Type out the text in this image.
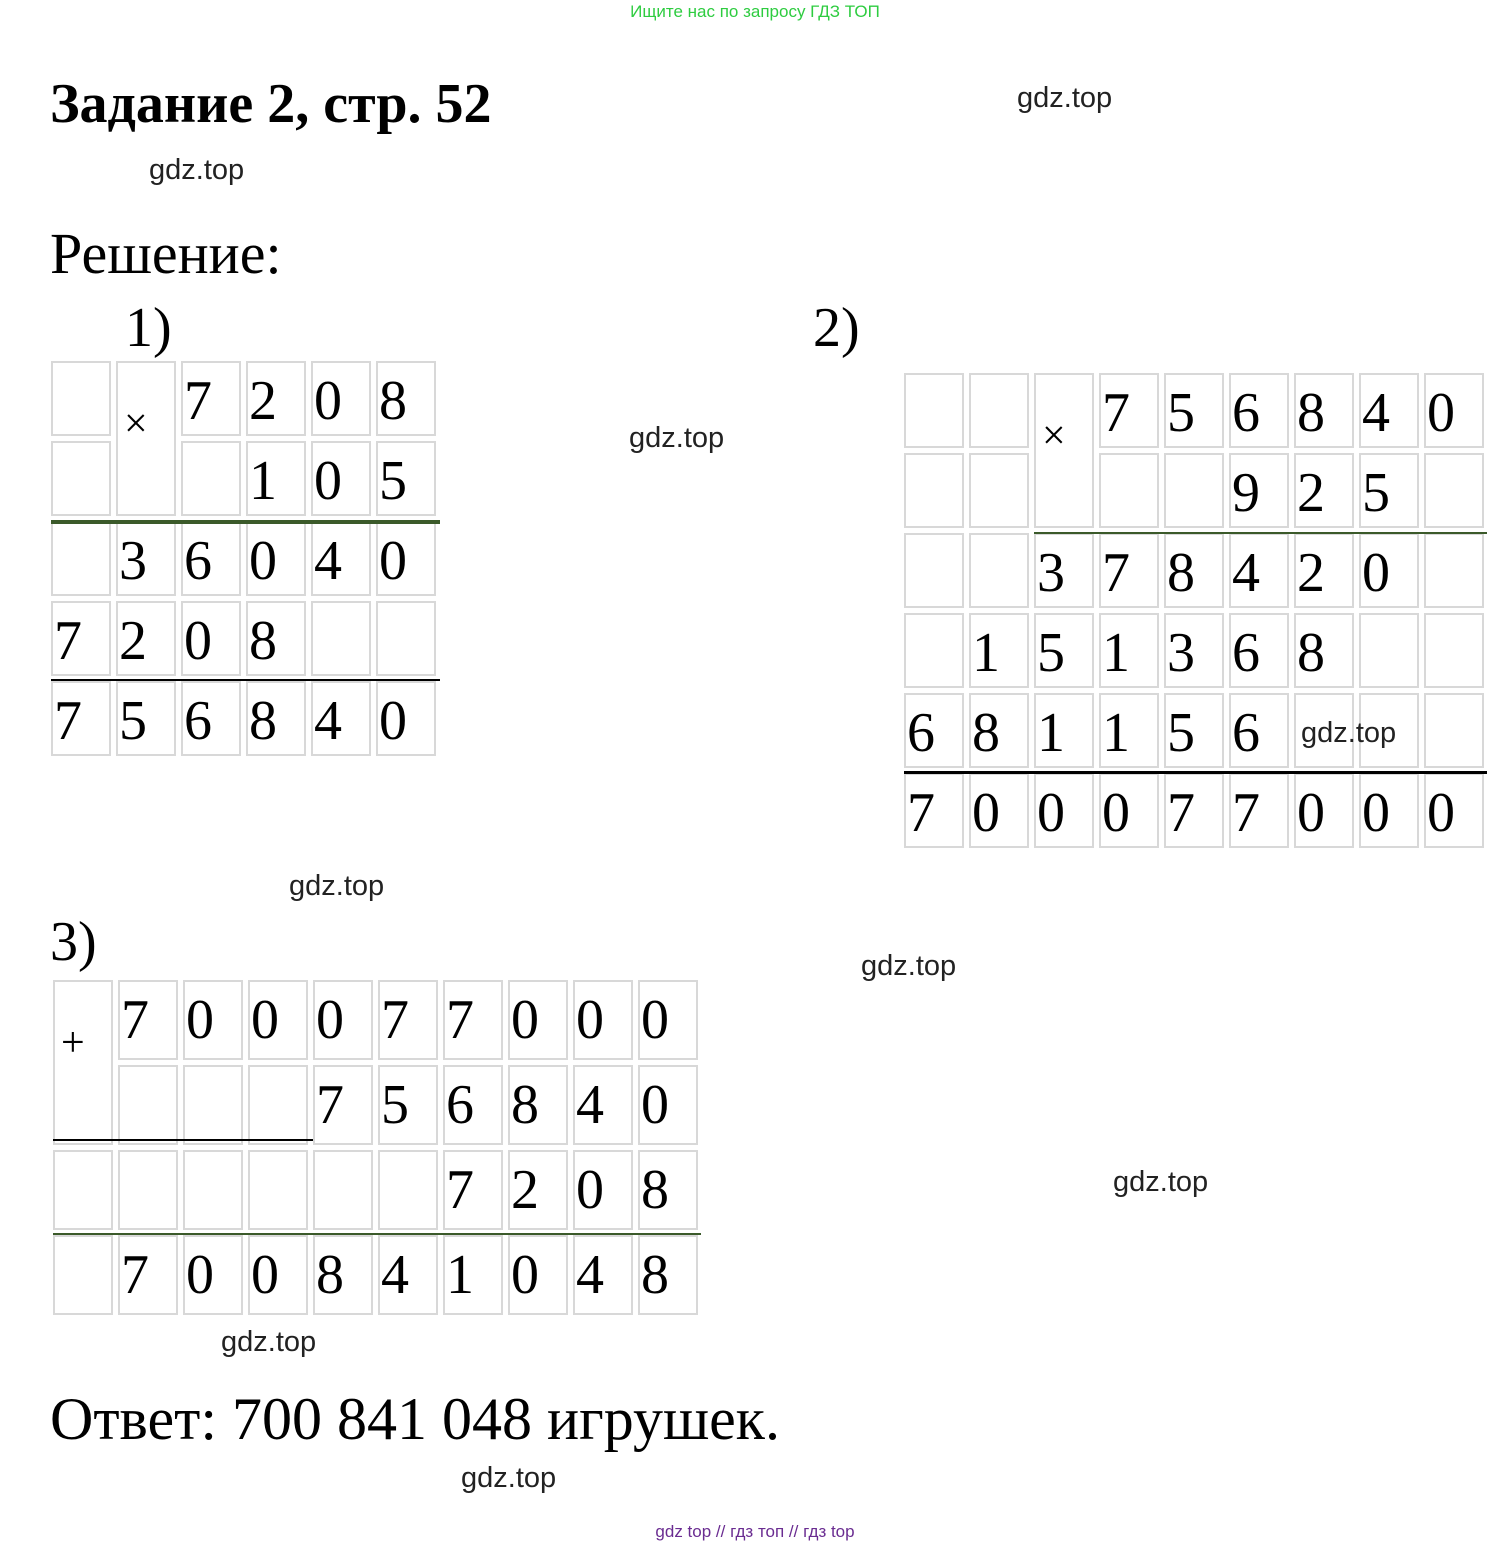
Ищите нас по запросу ГДЗ ТОП
Задание 2, стр. 52	gdz.top
gdz.top
Решение:
1)
× 7 2 0 8
1 0 5
3 6 0 4 0
7 2 0 8
7 5 6 8 4 0
gdz.top
2)
× 7 5 6 8 4 0
9 2 5
3 7 8 4 2 0
1 5 1 3 6 8
6 8 1 1 5 6
7 0 0 0 7 7 0 0 0
gdz.top
gdz.top
3)
+ 7 0 0 0 7 7 0 0 0
7 5 6 8 4 0
7 2 0 8
7 0 0 8 4 1 0 4 8
gdz.top
gdz.top
gdz.top
Ответ: 700 841 048 игрушек.
gdz.top
gdz top // гдз топ // гдз top
